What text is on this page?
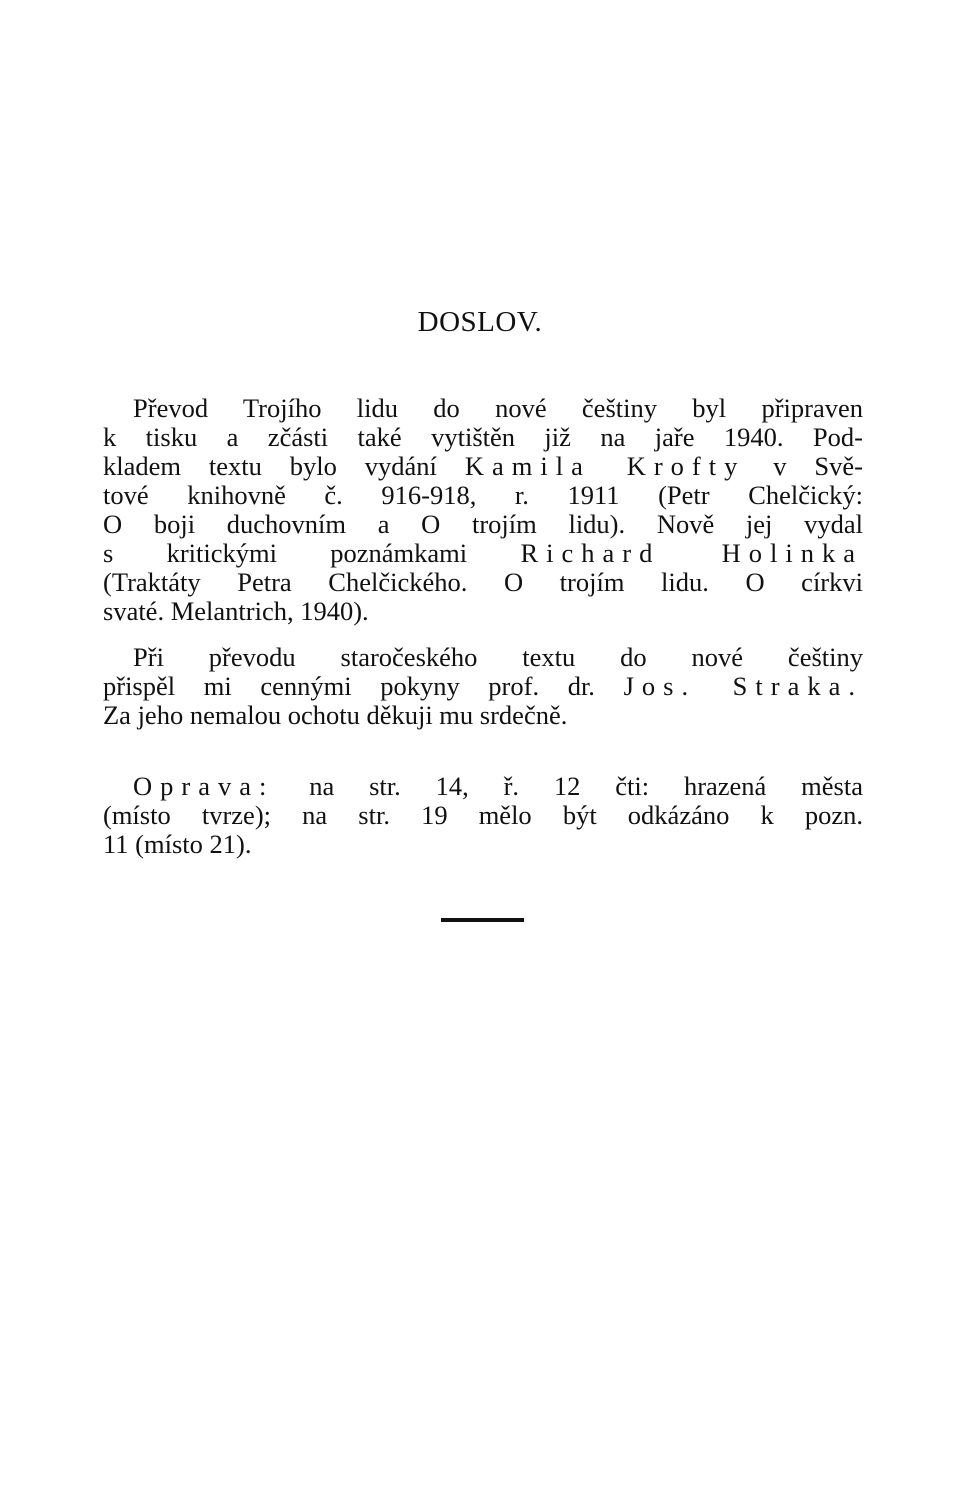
DOSLOV.
Převod Trojího lidu do nové češtiny byl připraven
k tisku a zčásti také vytištěn již na jaře 1940. Pod-
kladem textu bylo vydání Kamila Krofty v Svě-
tové knihovně č. 916-918, r. 1911 (Petr Chelčický:
O boji duchovním a O trojím lidu). Nově jej vydal
s kritickými poznámkami Richard Holinka
(Traktáty Petra Chelčického. O trojím lidu. O církvi
svaté. Melantrich, 1940).
Při převodu staročeského textu do nové češtiny
přispěl mi cennými pokyny prof. dr. Jos. Straka.
Za jeho nemalou ochotu děkuji mu srdečně.
Oprava: na str. 14, ř. 12 čti: hrazená města
(místo tvrze); na str. 19 mělo být odkázáno k pozn.
11 (místo 21).
